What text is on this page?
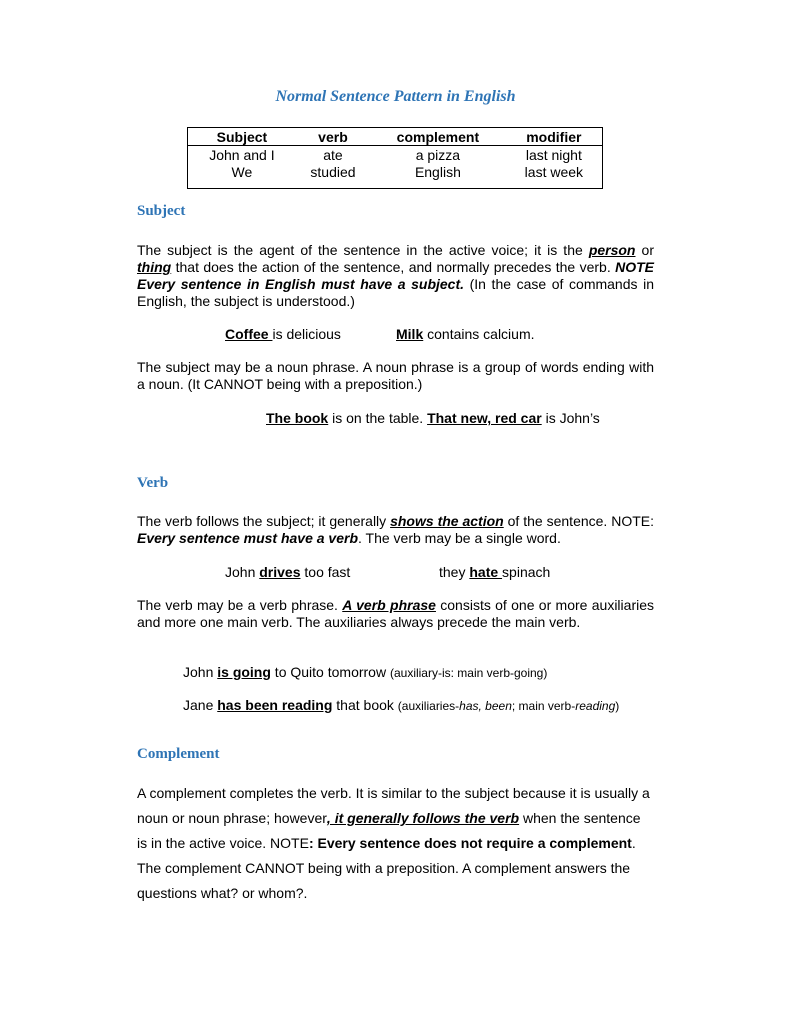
Normal Sentence Pattern in English
Subject	verb	complement	modifier
John and I	ate	a pizza	last night
We	studied	English	last week
Subject
The subject is the agent of the sentence in the active voice; it is the person or thing that does the action of the sentence, and normally precedes the verb. NOTE Every sentence in English must have a subject. (In the case of commands in English, the subject is understood.)
Coffee is delicious	Milk contains calcium.
The subject may be a noun phrase. A noun phrase is a group of words ending with a noun. (It CANNOT being with a preposition.)
The book is on the table. That new, red car is John’s
Verb
The verb follows the subject; it generally shows the action of the sentence. NOTE: Every sentence must have a verb. The verb may be a single word.
John drives too fast	they hate spinach
The verb may be a verb phrase. A verb phrase consists of one or more auxiliaries and more one main verb. The auxiliaries always precede the main verb.
John is going to Quito tomorrow (auxiliary-is: main verb-going)
Jane has been reading that book (auxiliaries-has, been; main verb-reading)
Complement
A complement completes the verb. It is similar to the subject because it is usually a noun or noun phrase; however, it generally follows the verb when the sentence is in the active voice. NOTE: Every sentence does not require a complement. The complement CANNOT being with a preposition. A complement answers the questions what? or whom?.
